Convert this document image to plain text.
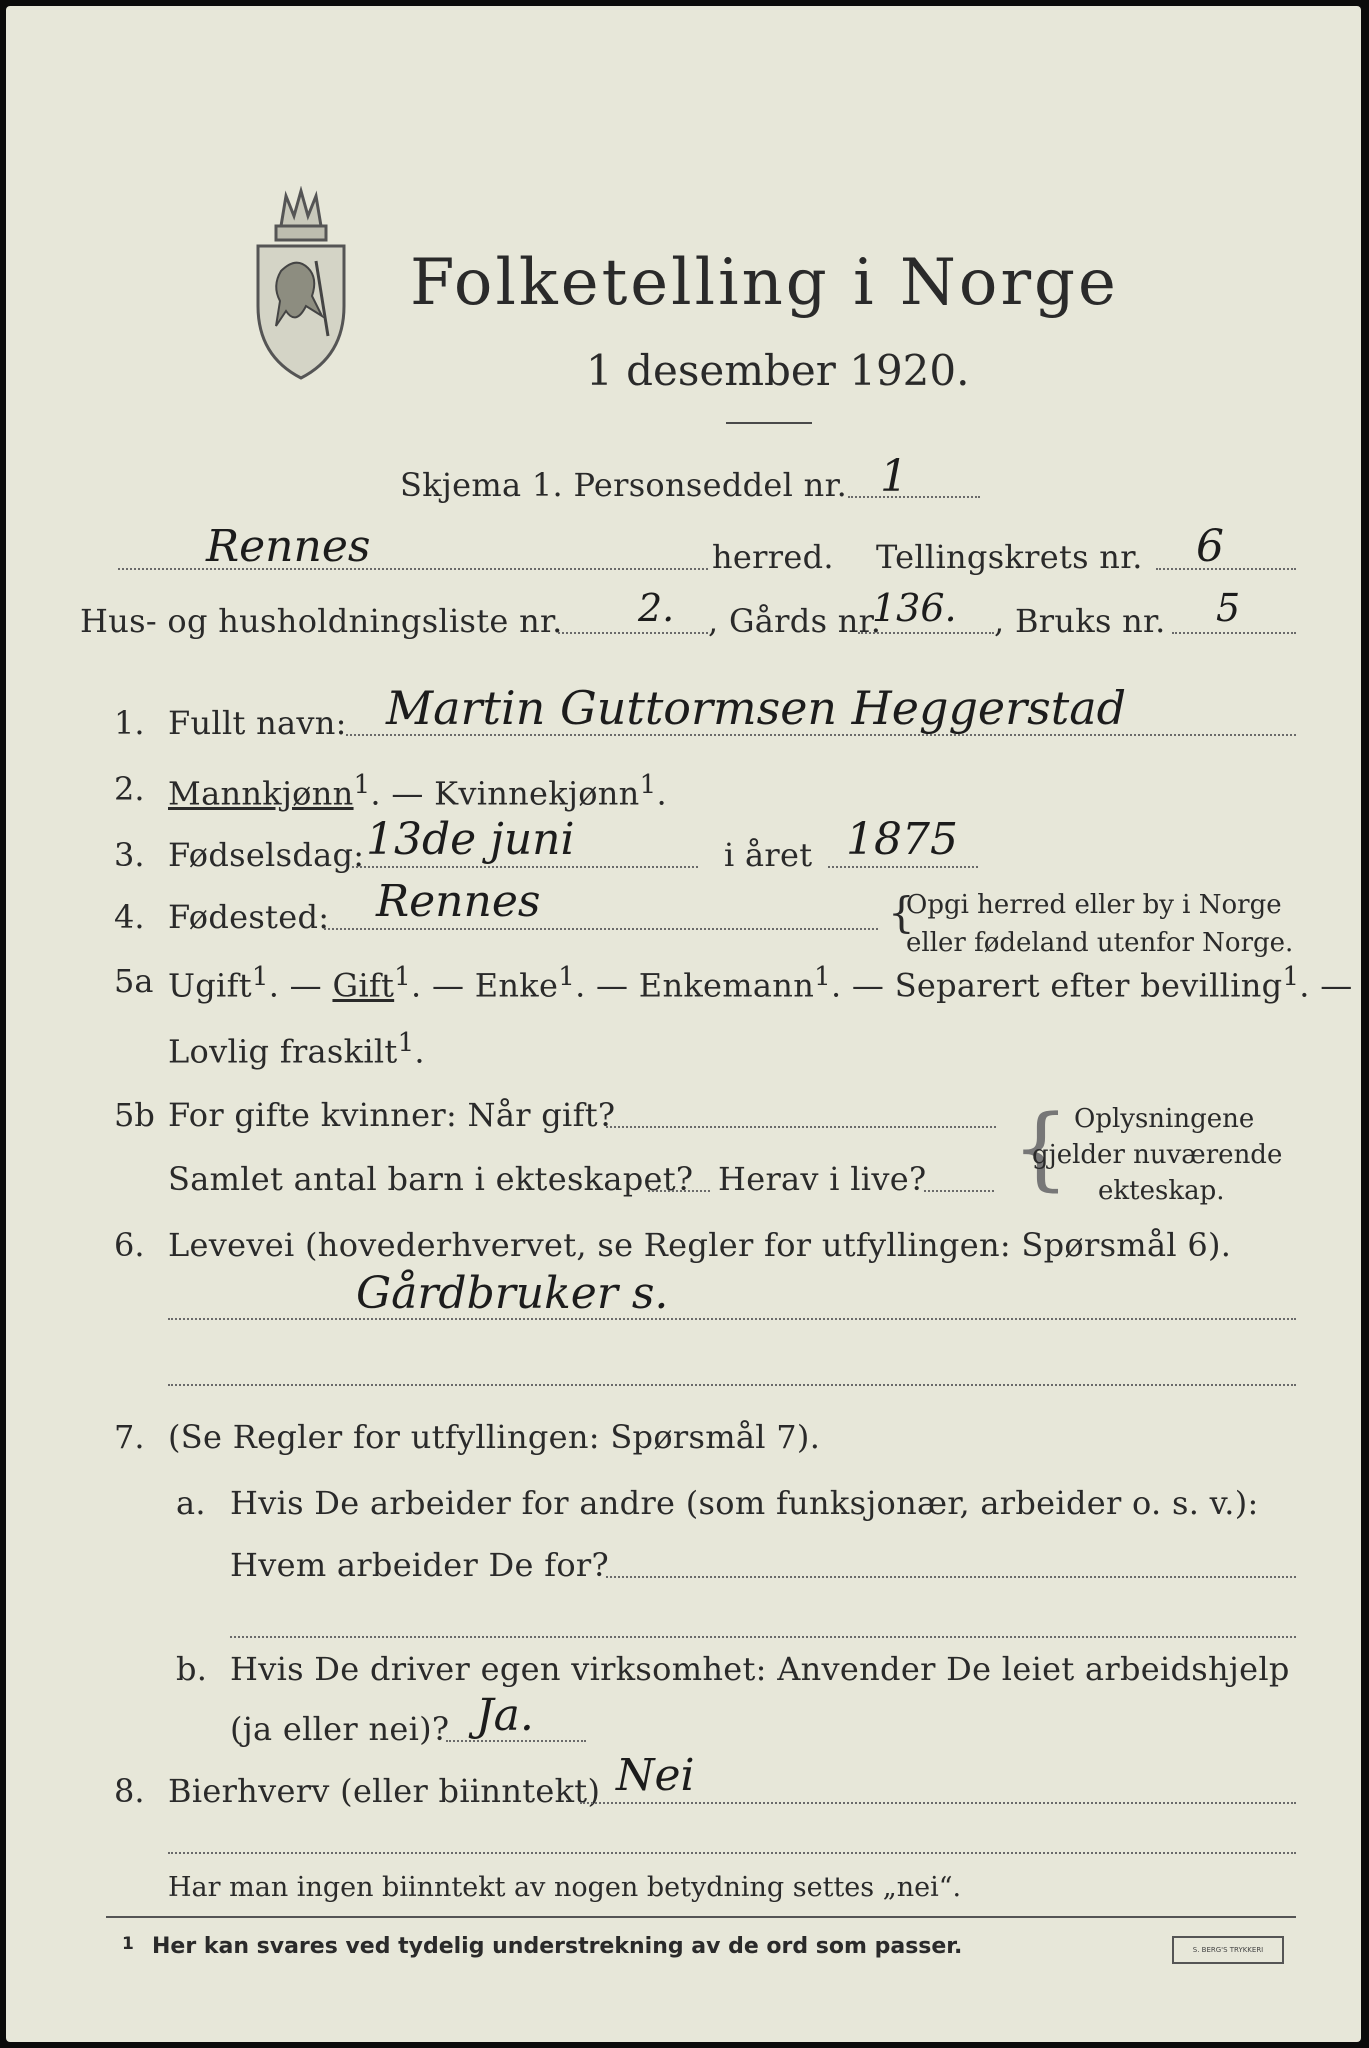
Folketelling i Norge
1 desember 1920.
Skjema 1. Personseddel nr. 1
Rennes	herred. Tellingskrets nr. 6
Hus- og husholdningsliste nr. 2. , Gårds nr.
136. , Bruks nr. 5
1. Fullt navn: Martin Guttormsen Heggerstad
2. Mannkjønn$^1$. — Kvinnekjønn$^1$.
3. Fødselsdag: 13de juni	i året 1875
4. Fødested: Rennes	{
Opgi herred eller by i Norge
eller fødeland utenfor Norge.
5a Ugift$^1$. — Gift$^1$. — Enke$^1$. — Enkemann$^1$. — Separert efter bevilling$^1$. —
Lovlig fraskilt$^1$.
5b For gifte kvinner: Når gift?
Samlet antal barn i ekteskapet? Herav i live? { Oplysningene
gjelder nuværende
ekteskap.
6. Levevei (hovederhvervet, se Regler for utfyllingen: Spørsmål 6).
Gårdbruker s.
7. (Se Regler for utfyllingen: Spørsmål 7).
a. Hvis De arbeider for andre (som funksjonær, arbeider o. s. v.):
Hvem arbeider De for?
b. Hvis De driver egen virksomhet: Anvender De leiet arbeidshjelp
(ja eller nei)? Ja.
8. Bierhverv (eller biinntekt) Nei
Har man ingen biinntekt av nogen betydning settes „nei“.
1 Her kan svares ved tydelig understrekning av de ord som passer.	S. BERG'S TRYKKERI
